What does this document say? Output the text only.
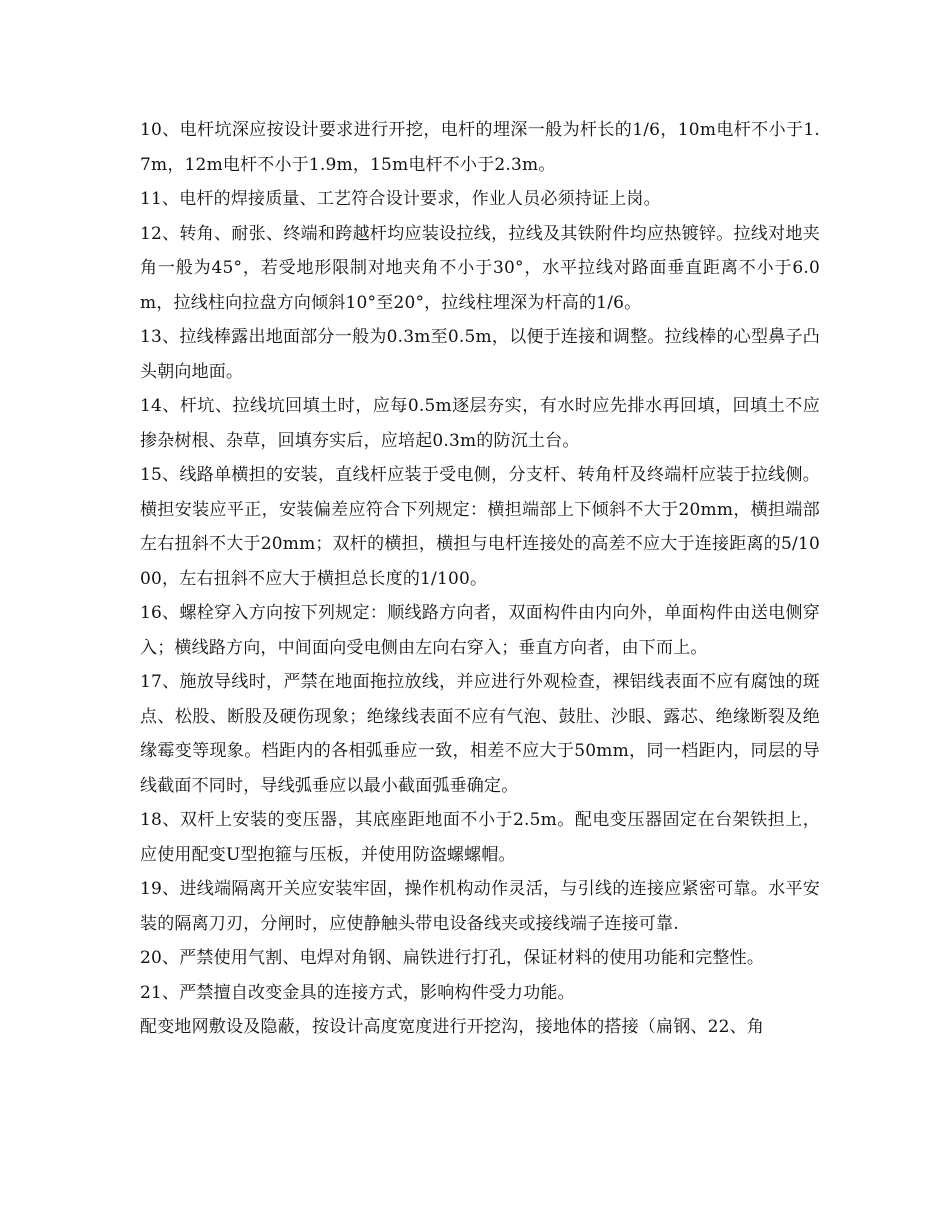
10、电杆坑深应按设计要求进行开挖，电杆的埋深一般为杆长的1/6，10m电杆不小于1.7m，12m电杆不小于1.9m，15m电杆不小于2.3m。

11、电杆的焊接质量、工艺符合设计要求，作业人员必须持证上岗。

12、转角、耐张、终端和跨越杆均应装设拉线，拉线及其铁附件均应热镀锌。拉线对地夹角一般为45°，若受地形限制对地夹角不小于30°，水平拉线对路面垂直距离不小于6.0m，拉线柱向拉盘方向倾斜10°至20°，拉线柱埋深为杆高的1/6。

13、拉线棒露出地面部分一般为0.3m至0.5m，以便于连接和调整。拉线棒的心型鼻子凸头朝向地面。

14、杆坑、拉线坑回填土时，应每0.5m逐层夯实，有水时应先排水再回填，回填土不应掺杂树根、杂草，回填夯实后，应培起0.3m的防沉土台。

15、线路单横担的安装，直线杆应装于受电侧，分支杆、转角杆及终端杆应装于拉线侧。横担安装应平正，安装偏差应符合下列规定：横担端部上下倾斜不大于20mm，横担端部左右扭斜不大于20mm；双杆的横担，横担与电杆连接处的高差不应大于连接距离的5/1000，左右扭斜不应大于横担总长度的1/100。

16、螺栓穿入方向按下列规定：顺线路方向者，双面构件由内向外，单面构件由送电侧穿入；横线路方向，中间面向受电侧由左向右穿入；垂直方向者，由下而上。

17、施放导线时，严禁在地面拖拉放线，并应进行外观检查，裸铝线表面不应有腐蚀的斑点、松股、断股及硬伤现象；绝缘线表面不应有气泡、鼓肚、沙眼、露芯、绝缘断裂及绝缘霉变等现象。档距内的各相弧垂应一致，相差不应大于50mm，同一档距内，同层的导线截面不同时，导线弧垂应以最小截面弧垂确定。

18、双杆上安装的变压器，其底座距地面不小于2.5m。配电变压器固定在台架铁担上，应使用配变U型抱箍与压板，并使用防盗螺螺帽。

19、进线端隔离开关应安装牢固，操作机构动作灵活，与引线的连接应紧密可靠。水平安装的隔离刀刃，分闸时，应使静触头带电设备线夹或接线端子连接可靠.

20、严禁使用气割、电焊对角钢、扁铁进行打孔，保证材料的使用功能和完整性。

21、严禁擅自改变金具的连接方式，影响构件受力功能。

配变地网敷设及隐蔽，按设计高度宽度进行开挖沟，接地体的搭接（扁钢、22、角
